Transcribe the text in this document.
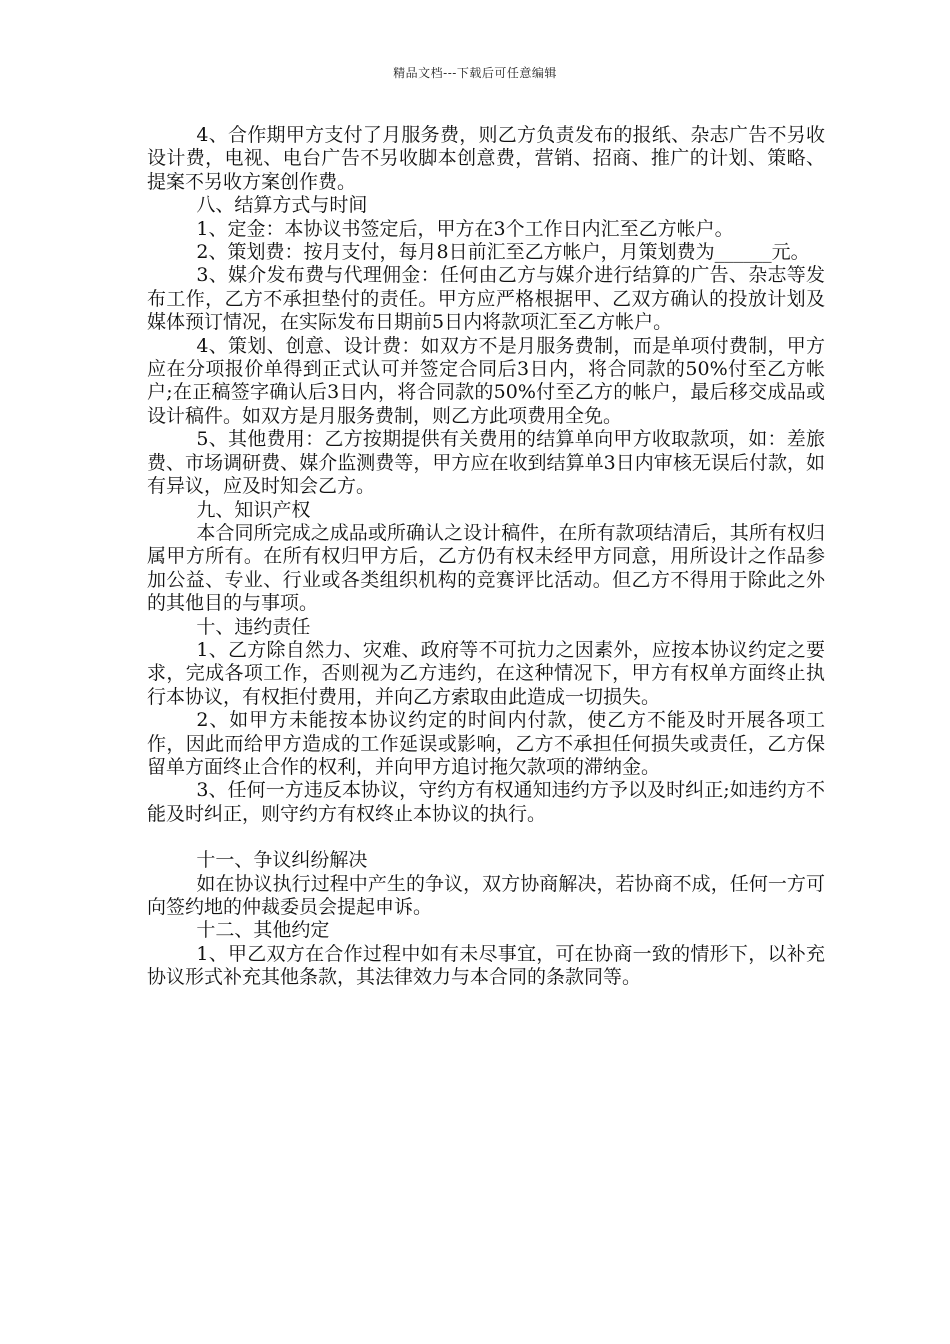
精品文档---下载后可任意编辑

4、合作期甲方支付了月服务费，则乙方负责发布的报纸、杂志广告不另收设计费，电视、电台广告不另收脚本创意费，营销、招商、推广的计划、策略、提案不另收方案创作费。

八、结算方式与时间

1、定金：本协议书签定后，甲方在3个工作日内汇至乙方帐户。

2、策划费：按月支付，每月8日前汇至乙方帐户，月策划费为______元。

3、媒介发布费与代理佣金：任何由乙方与媒介进行结算的广告、杂志等发布工作，乙方不承担垫付的责任。甲方应严格根据甲、乙双方确认的投放计划及媒体预订情况，在实际发布日期前5日内将款项汇至乙方帐户。

4、策划、创意、设计费：如双方不是月服务费制，而是单项付费制，甲方应在分项报价单得到正式认可并签定合同后3日内，将合同款的50%付至乙方帐户;在正稿签字确认后3日内，将合同款的50%付至乙方的帐户，最后移交成品或设计稿件。如双方是月服务费制，则乙方此项费用全免。

5、其他费用：乙方按期提供有关费用的结算单向甲方收取款项，如：差旅费、市场调研费、媒介监测费等，甲方应在收到结算单3日内审核无误后付款，如有异议，应及时知会乙方。

九、知识产权

本合同所完成之成品或所确认之设计稿件，在所有款项结清后，其所有权归属甲方所有。在所有权归甲方后，乙方仍有权未经甲方同意，用所设计之作品参加公益、专业、行业或各类组织机构的竞赛评比活动。但乙方不得用于除此之外的其他目的与事项。

十、违约责任

1、乙方除自然力、灾难、政府等不可抗力之因素外，应按本协议约定之要求，完成各项工作，否则视为乙方违约，在这种情况下，甲方有权单方面终止执行本协议，有权拒付费用，并向乙方索取由此造成一切损失。

2、如甲方未能按本协议约定的时间内付款，使乙方不能及时开展各项工作，因此而给甲方造成的工作延误或影响，乙方不承担任何损失或责任，乙方保留单方面终止合作的权利，并向甲方追讨拖欠款项的滞纳金。

3、任何一方违反本协议，守约方有权通知违约方予以及时纠正;如违约方不能及时纠正，则守约方有权终止本协议的执行。

十一、争议纠纷解决

如在协议执行过程中产生的争议，双方协商解决，若协商不成，任何一方可向签约地的仲裁委员会提起申诉。

十二、其他约定

1、甲乙双方在合作过程中如有未尽事宜，可在协商一致的情形下，以补充协议形式补充其他条款，其法律效力与本合同的条款同等。
